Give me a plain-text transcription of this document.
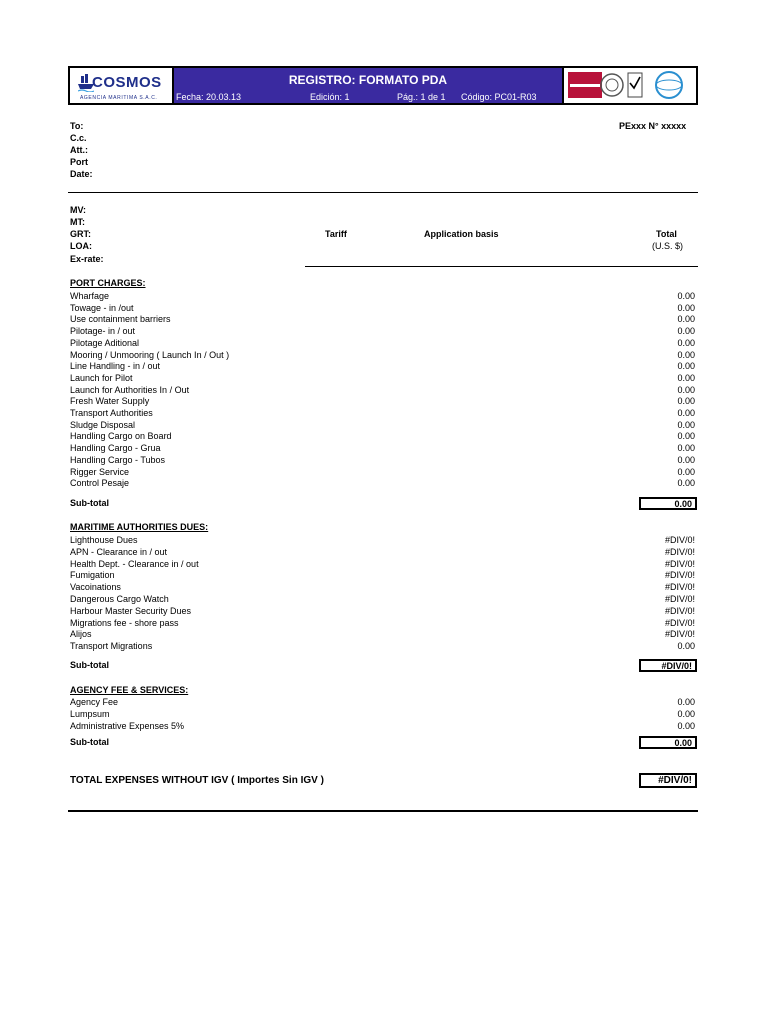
COSMOS
AGENCIA MARITIMA S.A.C.
REGISTRO: FORMATO PDA
Fecha: 20.03.13	Edición: 1	Pág.: 1 de 1 Código: PC01-R03
To:
C.c.
Att.:
Port
Date:
PExxx N° xxxxx
MV:
MT:
GRT:
LOA:
Ex-rate:
Tariff	Application basis	Total
(U.S. $)
PORT CHARGES:
Wharfage	0.00
Towage - in /out	0.00
Use containment barriers	0.00
Pilotage- in / out	0.00
Pilotage Aditional	0.00
Mooring / Unmooring ( Launch In / Out )	0.00
Line Handling - in / out	0.00
Launch for Pilot	0.00
Launch for Authorities In / Out	0.00
Fresh Water Supply	0.00
Transport Authorities	0.00
Sludge Disposal	0.00
Handling Cargo on Board	0.00
Handling Cargo - Grua	0.00
Handling Cargo - Tubos	0.00
Rigger Service	0.00
Control Pesaje	0.00
Sub-total	0.00
MARITIME AUTHORITIES DUES:
Lighthouse Dues	#DIV/0!
APN - Clearance in / out	#DIV/0!
Health Dept. - Clearance in / out	#DIV/0!
Fumigation	#DIV/0!
Vacoinations	#DIV/0!
Dangerous Cargo Watch	#DIV/0!
Harbour Master Security Dues	#DIV/0!
Migrations fee - shore pass	#DIV/0!
Alijos	#DIV/0!
Transport Migrations	0.00
Sub-total	#DIV/0!
AGENCY FEE & SERVICES:
Agency Fee	0.00
Lumpsum	0.00
Administrative Expenses 5%	0.00
Sub-total	0.00
TOTAL EXPENSES WITHOUT IGV ( Importes Sin IGV )	#DIV/0!
